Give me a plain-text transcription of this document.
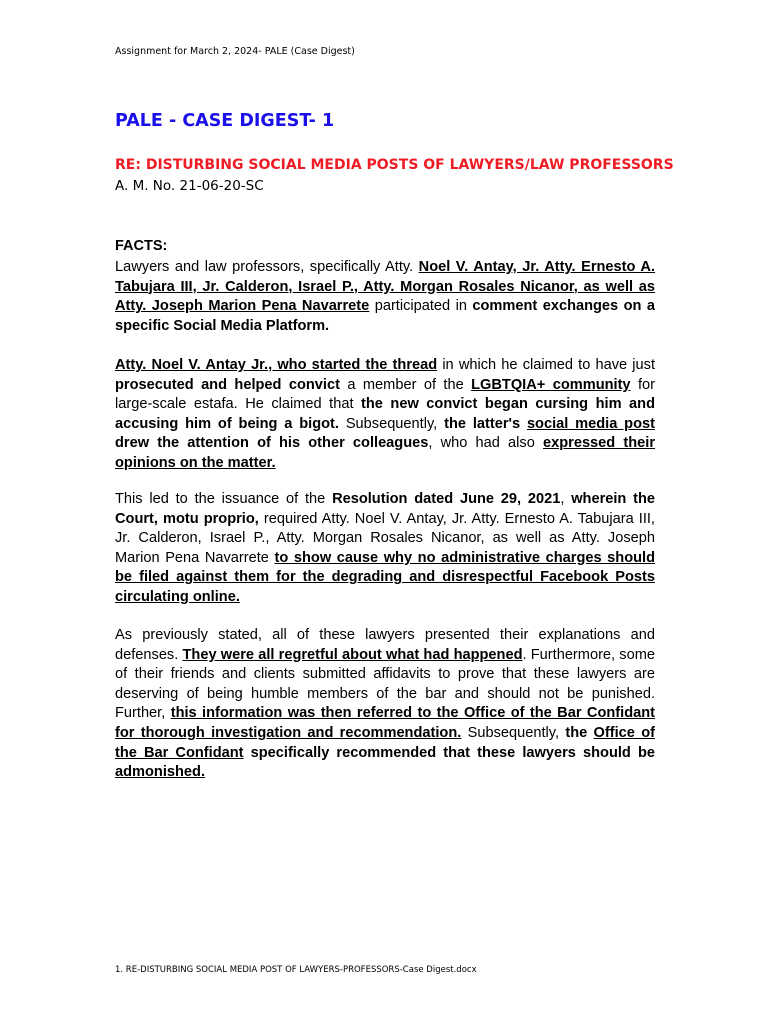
Assignment for March 2, 2024- PALE (Case Digest)
PALE - CASE DIGEST- 1
RE: DISTURBING SOCIAL MEDIA POSTS OF LAWYERS/LAW PROFESSORS
A. M. No. 21-06-20-SC
FACTS:
Lawyers and law professors, specifically Atty. Noel V. Antay, Jr. Atty. Ernesto A. Tabujara III, Jr. Calderon, Israel P., Atty. Morgan Rosales Nicanor, as well as Atty. Joseph Marion Pena Navarrete participated in comment exchanges on a specific Social Media Platform.
Atty. Noel V. Antay Jr., who started the thread in which he claimed to have just prosecuted and helped convict a member of the LGBTQIA+ community for large-scale estafa. He claimed that the new convict began cursing him and accusing him of being a bigot. Subsequently, the latter's social media post drew the attention of his other colleagues, who had also expressed their opinions on the matter.
This led to the issuance of the Resolution dated June 29, 2021, wherein the Court, motu proprio, required Atty. Noel V. Antay, Jr. Atty. Ernesto A. Tabujara III, Jr. Calderon, Israel P., Atty. Morgan Rosales Nicanor, as well as Atty. Joseph Marion Pena Navarrete to show cause why no administrative charges should be filed against them for the degrading and disrespectful Facebook Posts circulating online.
As previously stated, all of these lawyers presented their explanations and defenses. They were all regretful about what had happened. Furthermore, some of their friends and clients submitted affidavits to prove that these lawyers are deserving of being humble members of the bar and should not be punished. Further, this information was then referred to the Office of the Bar Confidant for thorough investigation and recommendation. Subsequently, the Office of the Bar Confidant specifically recommended that these lawyers should be admonished.
1. RE-DISTURBING SOCIAL MEDIA POST OF LAWYERS-PROFESSORS-Case Digest.docx
